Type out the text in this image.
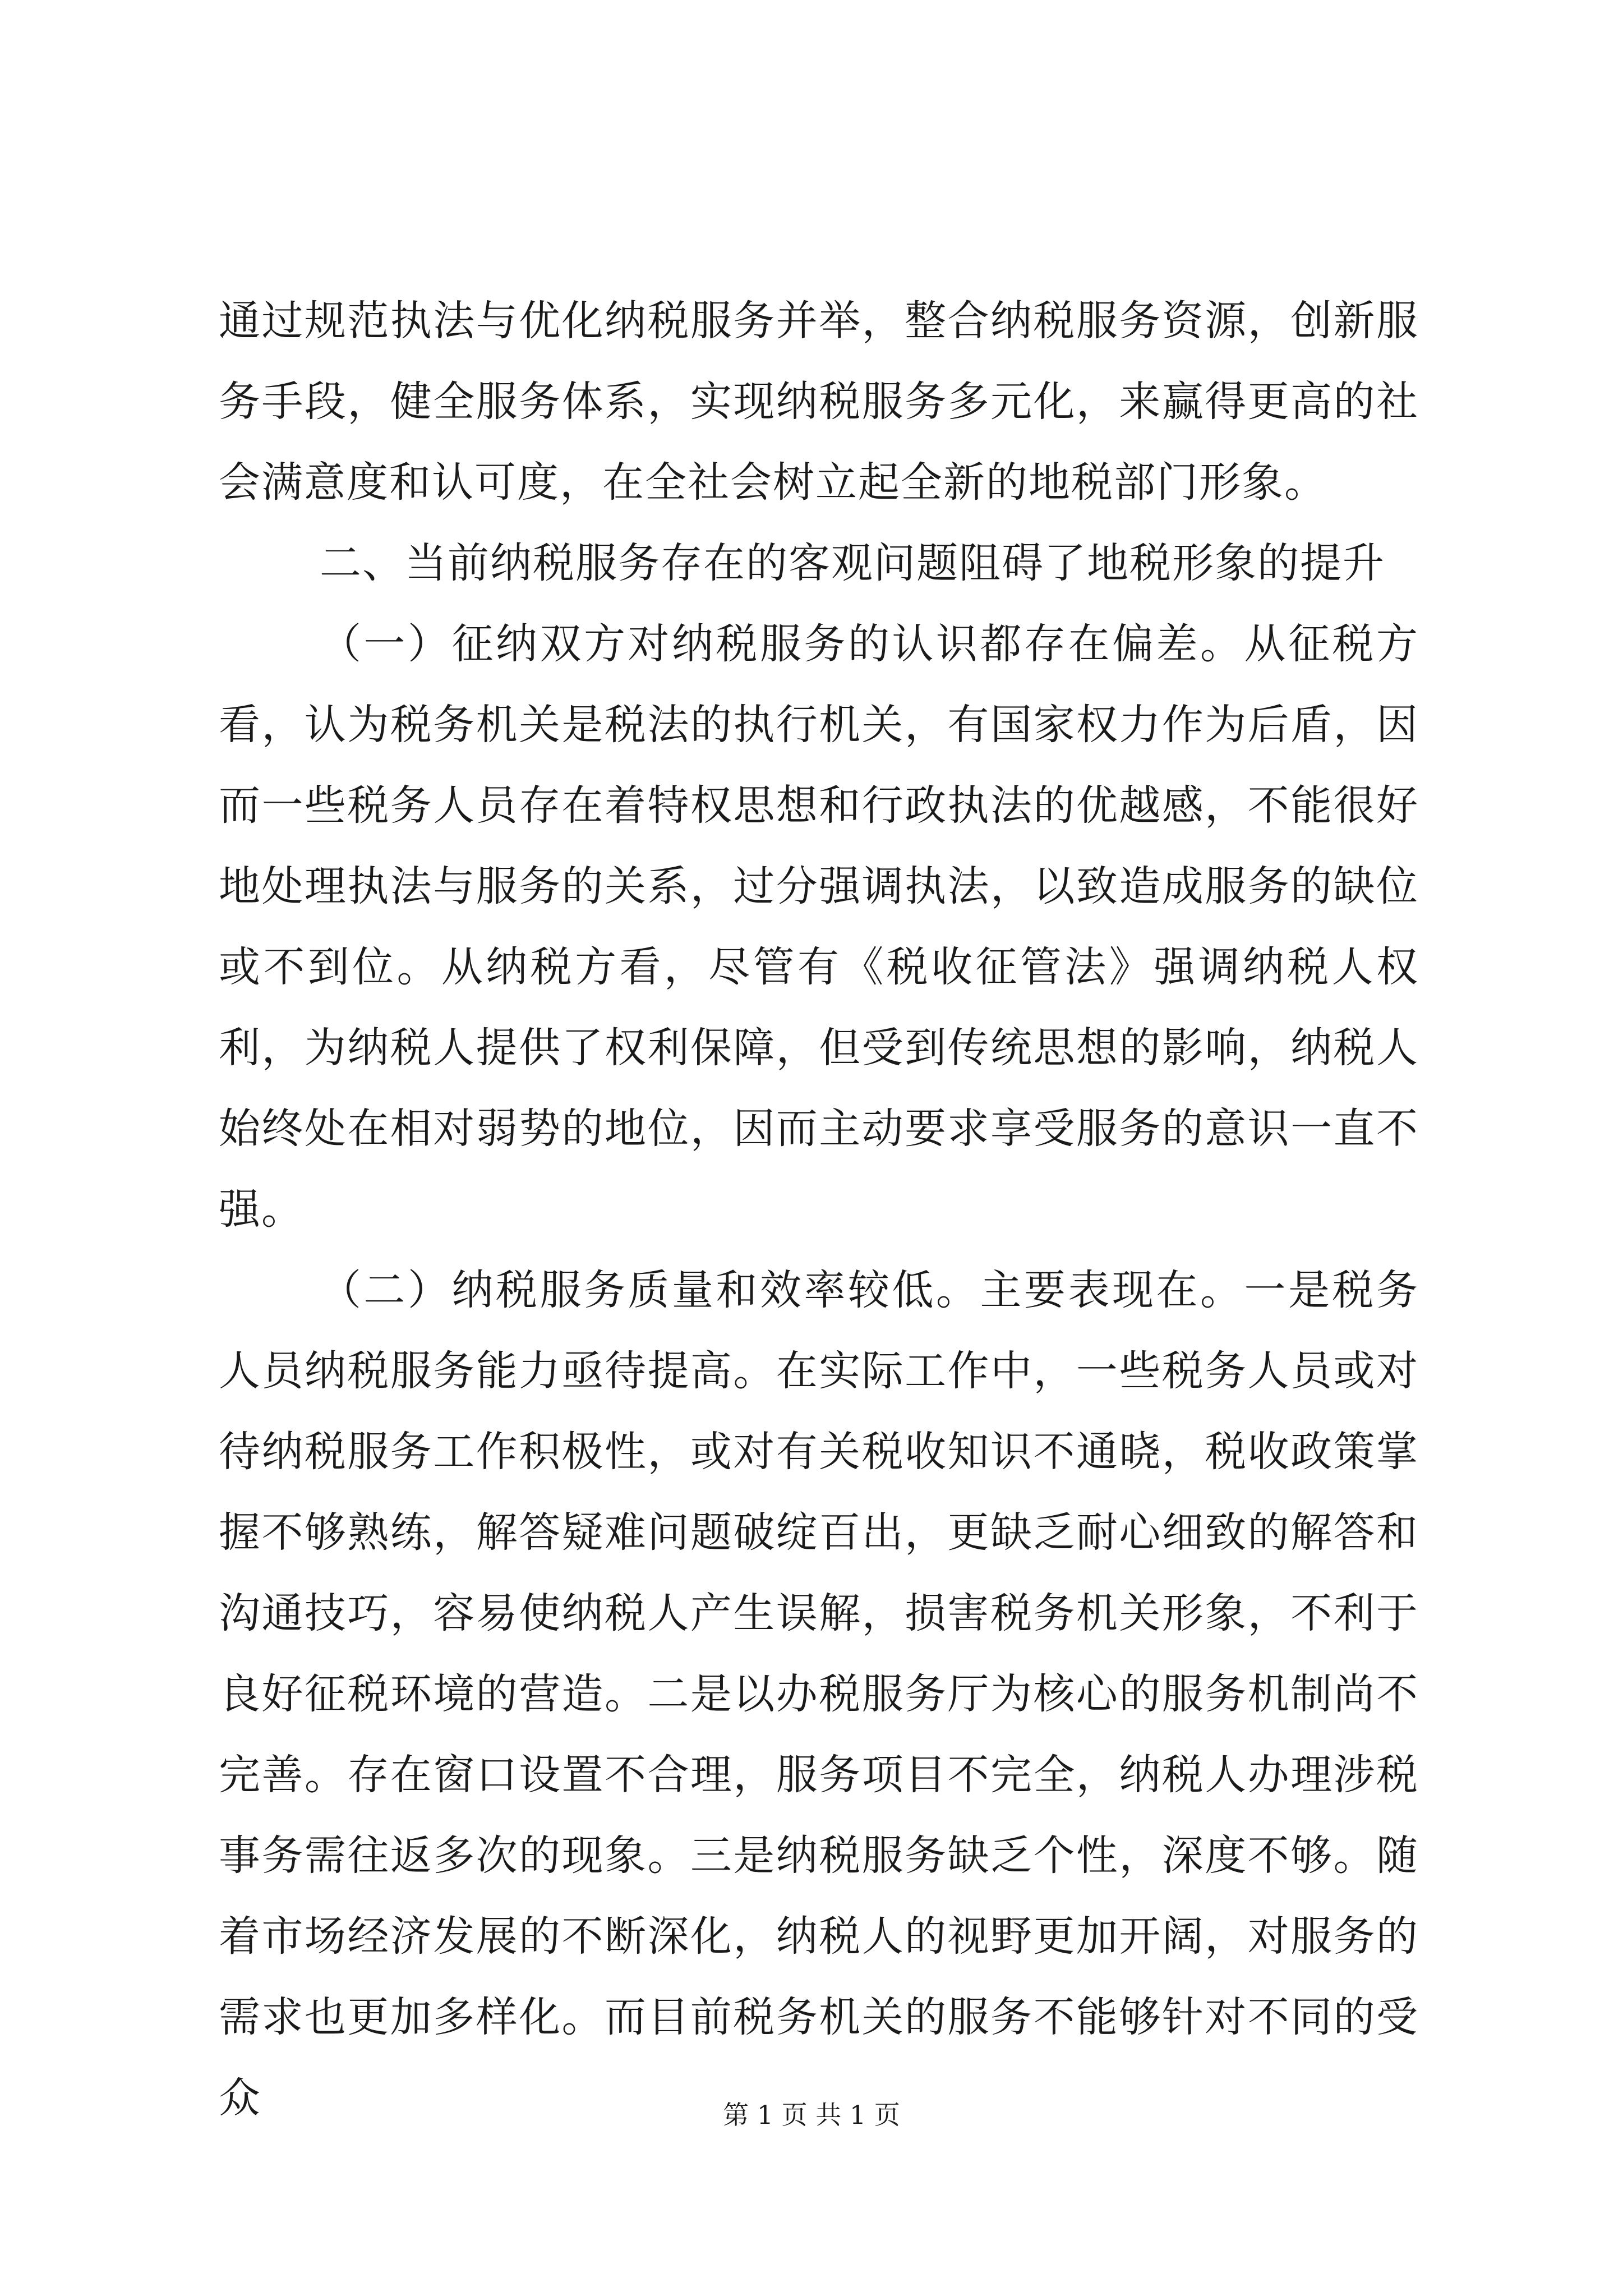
通过规范执法与优化纳税服务并举，整合纳税服务资源，创新服务手段，健全服务体系，实现纳税服务多元化，来赢得更高的社会满意度和认可度，在全社会树立起全新的地税部门形象。

二、当前纳税服务存在的客观问题阻碍了地税形象的提升

（一）征纳双方对纳税服务的认识都存在偏差。从征税方看，认为税务机关是税法的执行机关，有国家权力作为后盾，因而一些税务人员存在着特权思想和行政执法的优越感，不能很好地处理执法与服务的关系，过分强调执法，以致造成服务的缺位或不到位。从纳税方看，尽管有《税收征管法》强调纳税人权利，为纳税人提供了权利保障，但受到传统思想的影响，纳税人始终处在相对弱势的地位，因而主动要求享受服务的意识一直不强。

（二）纳税服务质量和效率较低。主要表现在。一是税务人员纳税服务能力亟待提高。在实际工作中，一些税务人员或对待纳税服务工作积极性，或对有关税收知识不通晓，税收政策掌握不够熟练，解答疑难问题破绽百出，更缺乏耐心细致的解答和沟通技巧，容易使纳税人产生误解，损害税务机关形象，不利于良好征税环境的营造。二是以办税服务厅为核心的服务机制尚不完善。存在窗口设置不合理，服务项目不完全，纳税人办理涉税事务需往返多次的现象。三是纳税服务缺乏个性，深度不够。随着市场经济发展的不断深化，纳税人的视野更加开阔，对服务的需求也更加多样化。而目前税务机关的服务不能够针对不同的受众	第 1 页 共 1 页
